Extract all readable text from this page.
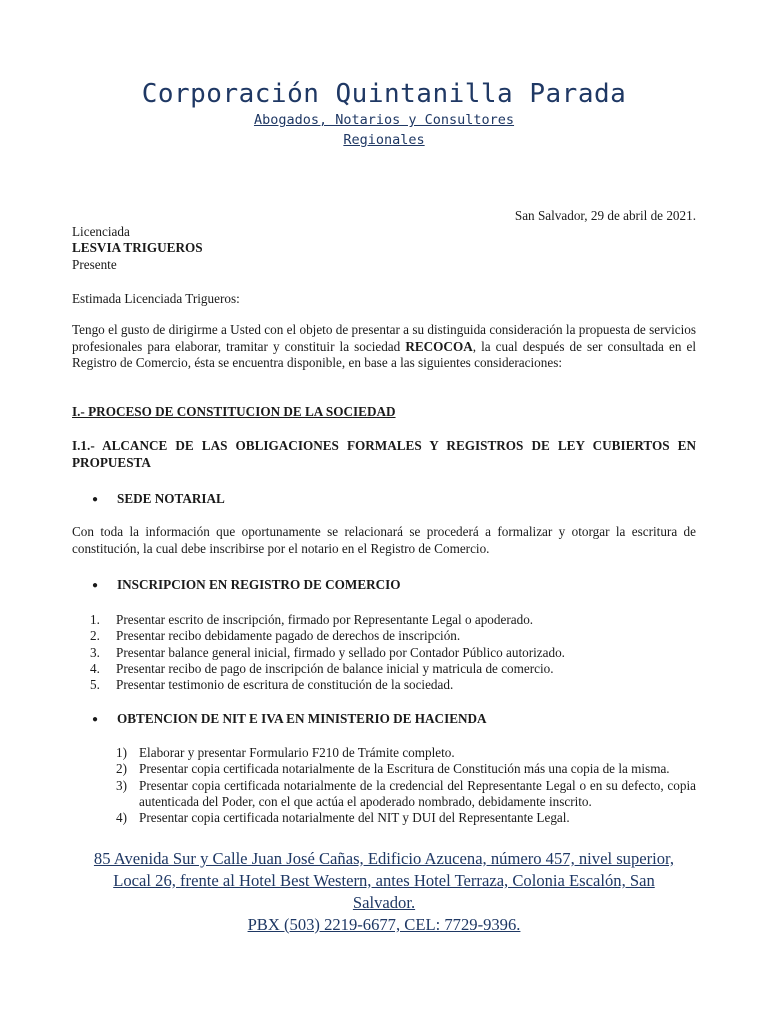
Corporación Quintanilla Parada
Abogados, Notarios y Consultores
Regionales
San Salvador, 29 de abril de 2021.
Licenciada
LESVIA TRIGUEROS
Presente
Estimada Licenciada Trigueros:
Tengo el gusto de dirigirme a Usted con el objeto de presentar a su distinguida consideración la propuesta de servicios profesionales para elaborar, tramitar y constituir la sociedad RECOCOA, la cual después de ser consultada en el Registro de Comercio, ésta se encuentra disponible, en base a las siguientes consideraciones:
I.- PROCESO DE CONSTITUCION DE LA SOCIEDAD
I.1.- ALCANCE DE LAS OBLIGACIONES FORMALES Y REGISTROS DE LEY CUBIERTOS EN PROPUESTA
● SEDE NOTARIAL
Con toda la información que oportunamente se relacionará se procederá a formalizar y otorgar la escritura de constitución, la cual debe inscribirse por el notario en el Registro de Comercio.
● INSCRIPCION EN REGISTRO DE COMERCIO
1. Presentar escrito de inscripción, firmado por Representante Legal o apoderado.
2. Presentar recibo debidamente pagado de derechos de inscripción.
3. Presentar balance general inicial, firmado y sellado por Contador Público autorizado.
4. Presentar recibo de pago de inscripción de balance inicial y matricula de comercio.
5. Presentar testimonio de escritura de constitución de la sociedad.
● OBTENCION DE NIT E IVA EN MINISTERIO DE HACIENDA
1) Elaborar y presentar Formulario F210 de Trámite completo.
2) Presentar copia certificada notarialmente de la Escritura de Constitución más una copia de la misma.
3) Presentar copia certificada notarialmente de la credencial del Representante Legal o en su defecto, copia autenticada del Poder, con el que actúa el apoderado nombrado, debidamente inscrito.
4) Presentar copia certificada notarialmente del NIT y DUI del Representante Legal.
85 Avenida Sur y Calle Juan José Cañas, Edificio Azucena, número 457, nivel superior,
Local 26, frente al Hotel Best Western, antes Hotel Terraza, Colonia Escalón, San
Salvador.
PBX (503) 2219-6677, CEL: 7729-9396.
